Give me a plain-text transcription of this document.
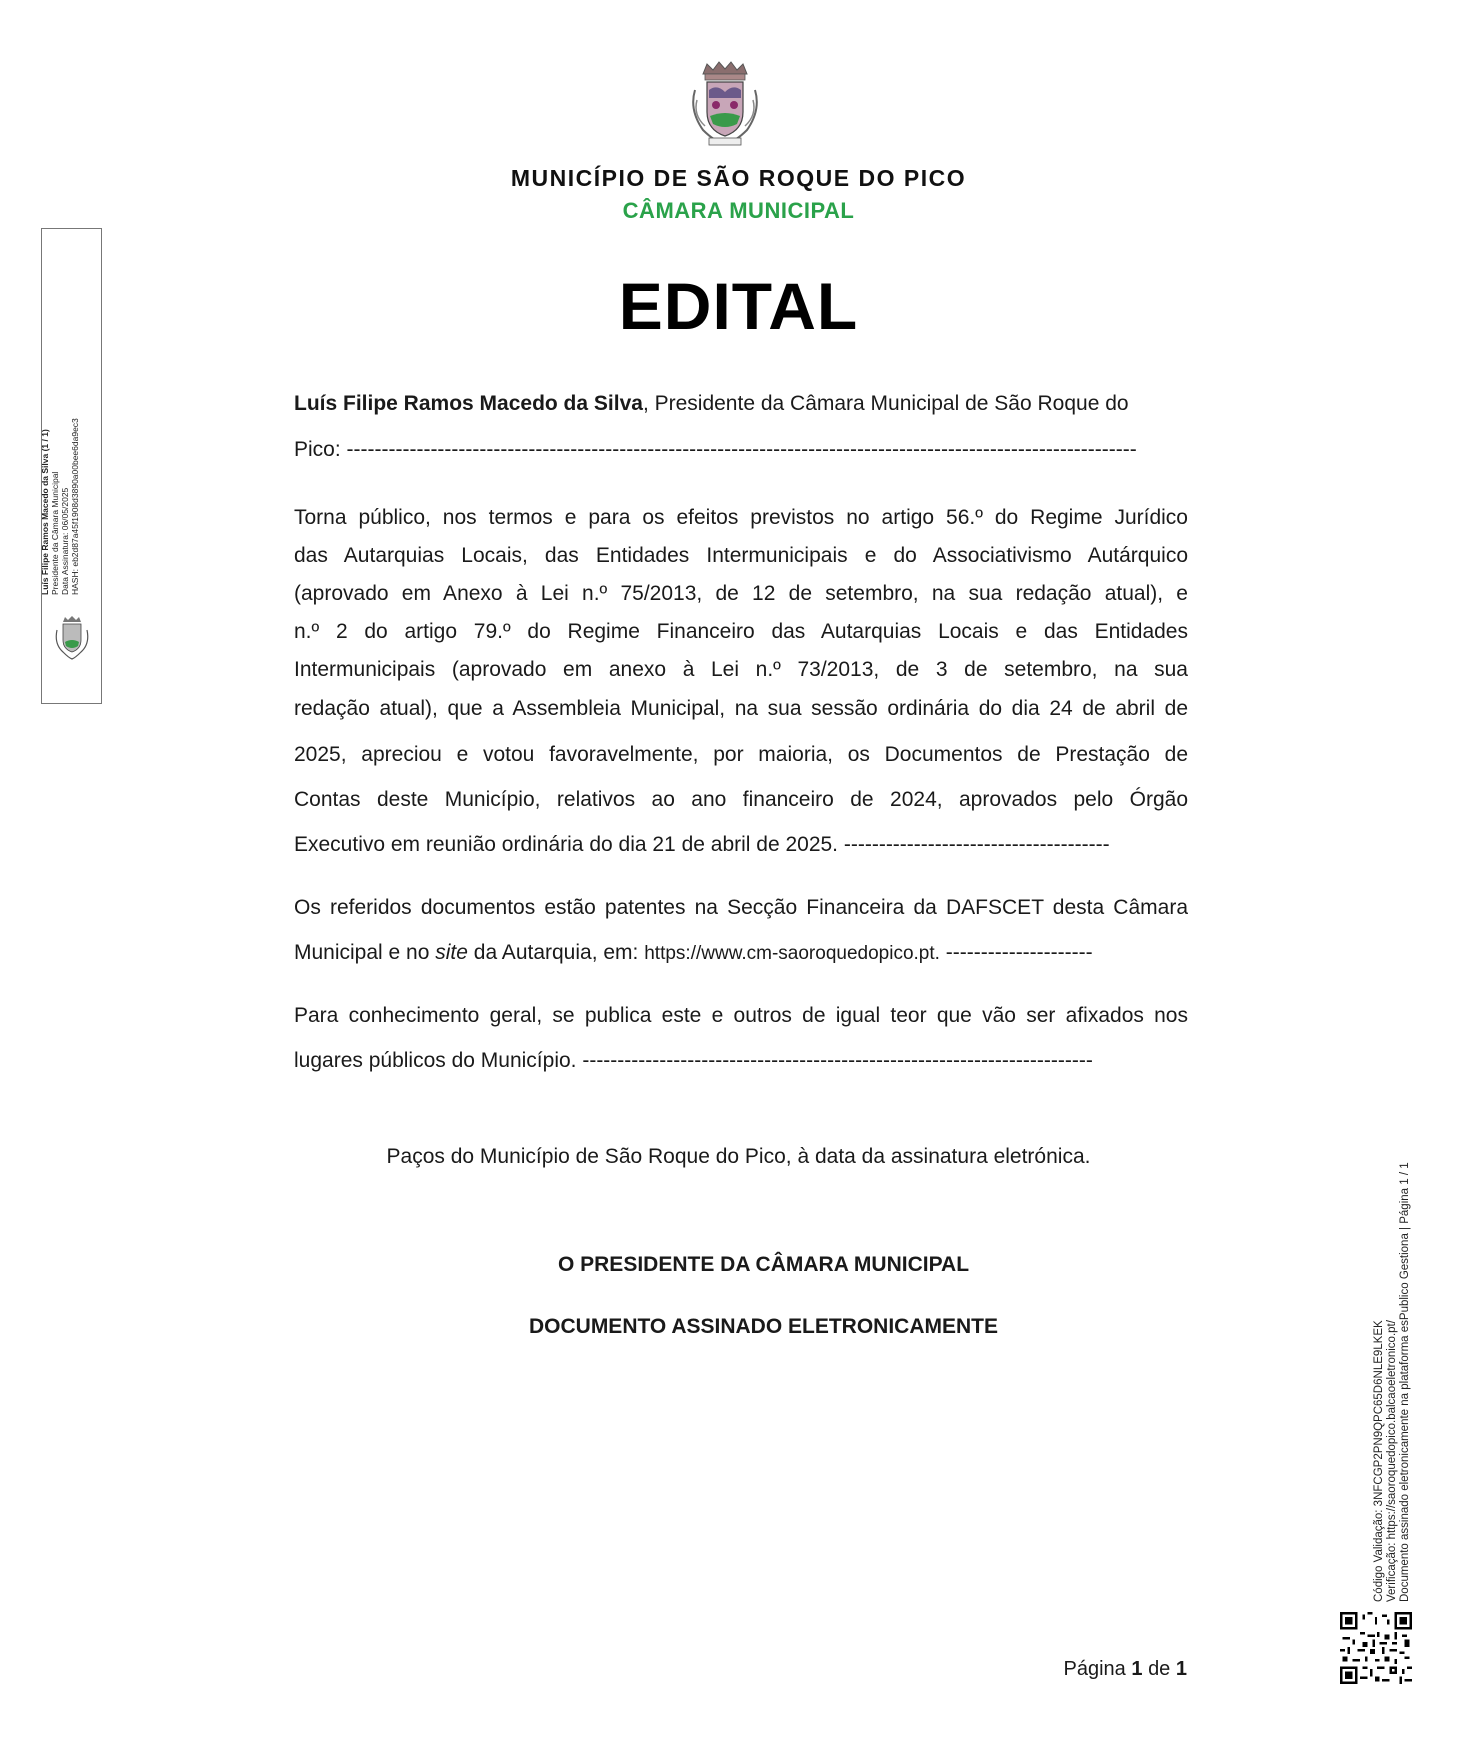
MUNICÍPIO DE SÃO ROQUE DO PICO
CÂMARA MUNICIPAL
EDITAL
Luís Filipe Ramos Macedo da Silva, Presidente da Câmara Municipal de São Roque do
Pico: -----------------------------------------------------------------------------------------------------------------
Torna público, nos termos e para os efeitos previstos no artigo 56.º do Regime Jurídico
das Autarquias Locais, das Entidades Intermunicipais e do Associativismo Autárquico
(aprovado em Anexo à Lei n.º 75/2013, de 12 de setembro, na sua redação atual), e
n.º 2 do artigo 79.º do Regime Financeiro das Autarquias Locais e das Entidades
Intermunicipais (aprovado em anexo à Lei n.º 73/2013, de 3 de setembro, na sua
redação atual), que a Assembleia Municipal, na sua sessão ordinária do dia 24 de abril de
2025, apreciou e votou favoravelmente, por maioria, os Documentos de Prestação de
Contas deste Município, relativos ao ano financeiro de 2024, aprovados pelo Órgão
Executivo em reunião ordinária do dia 21 de abril de 2025. --------------------------------------
Os referidos documentos estão patentes na Secção Financeira da DAFSCET desta Câmara
Municipal e no site da Autarquia, em: https://www.cm-saoroquedopico.pt. ---------------------
Para conhecimento geral, se publica este e outros de igual teor que vão ser afixados nos
lugares públicos do Município. -------------------------------------------------------------------------
Paços do Município de São Roque do Pico, à data da assinatura eletrónica.
O PRESIDENTE DA CÂMARA MUNICIPAL
DOCUMENTO ASSINADO ELETRONICAMENTE
Página 1 de 1
Luís Filipe Ramos Macedo da Silva (1 / 1) Presidente da Câmara Municipal Data Assinatura: 06/05/2025 HASH: eb2d87a45f1908d3890a00bee6da9ec3
Código Validação: 3NFCGP2PN9QPC65D6NLE9LKEK Verificação: https://saoroquedopico.balcaoeletronico.pt/ Documento assinado eletronicamente na plataforma esPublico Gestiona | Página 1 / 1
